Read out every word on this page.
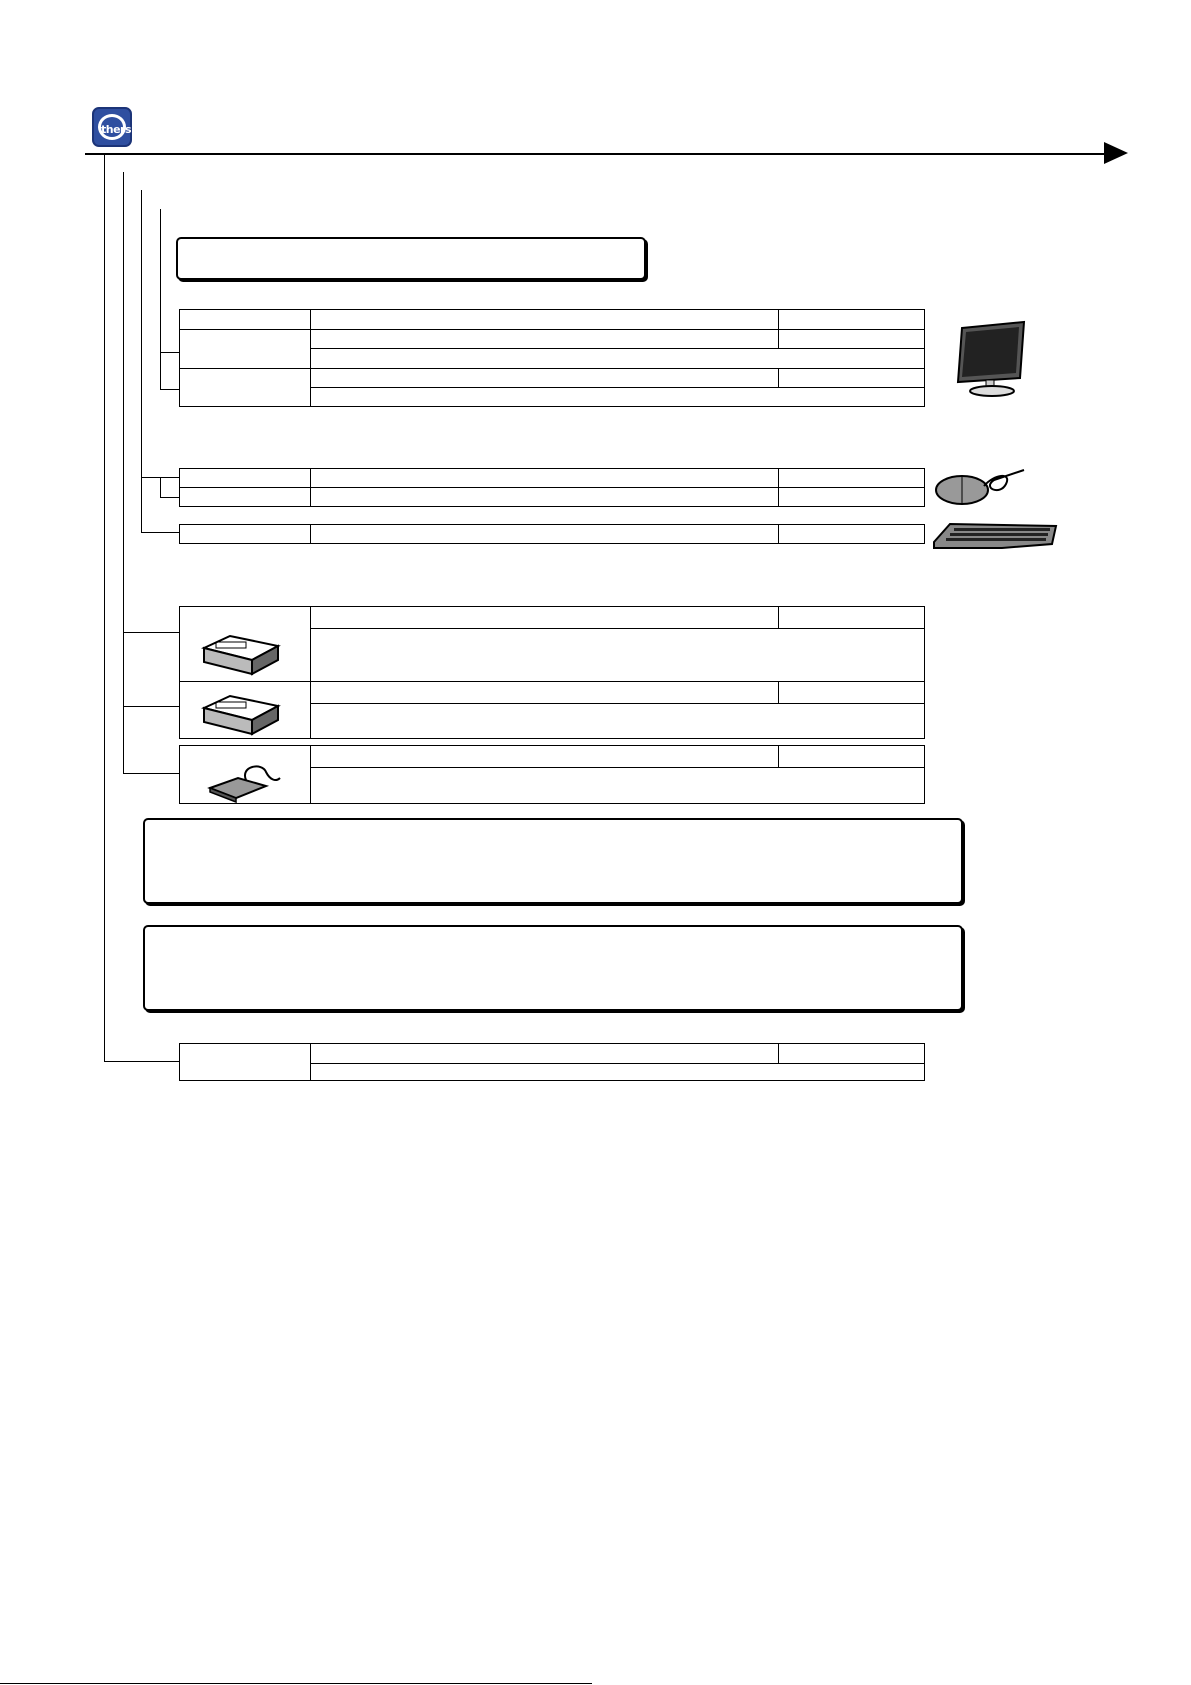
thers
